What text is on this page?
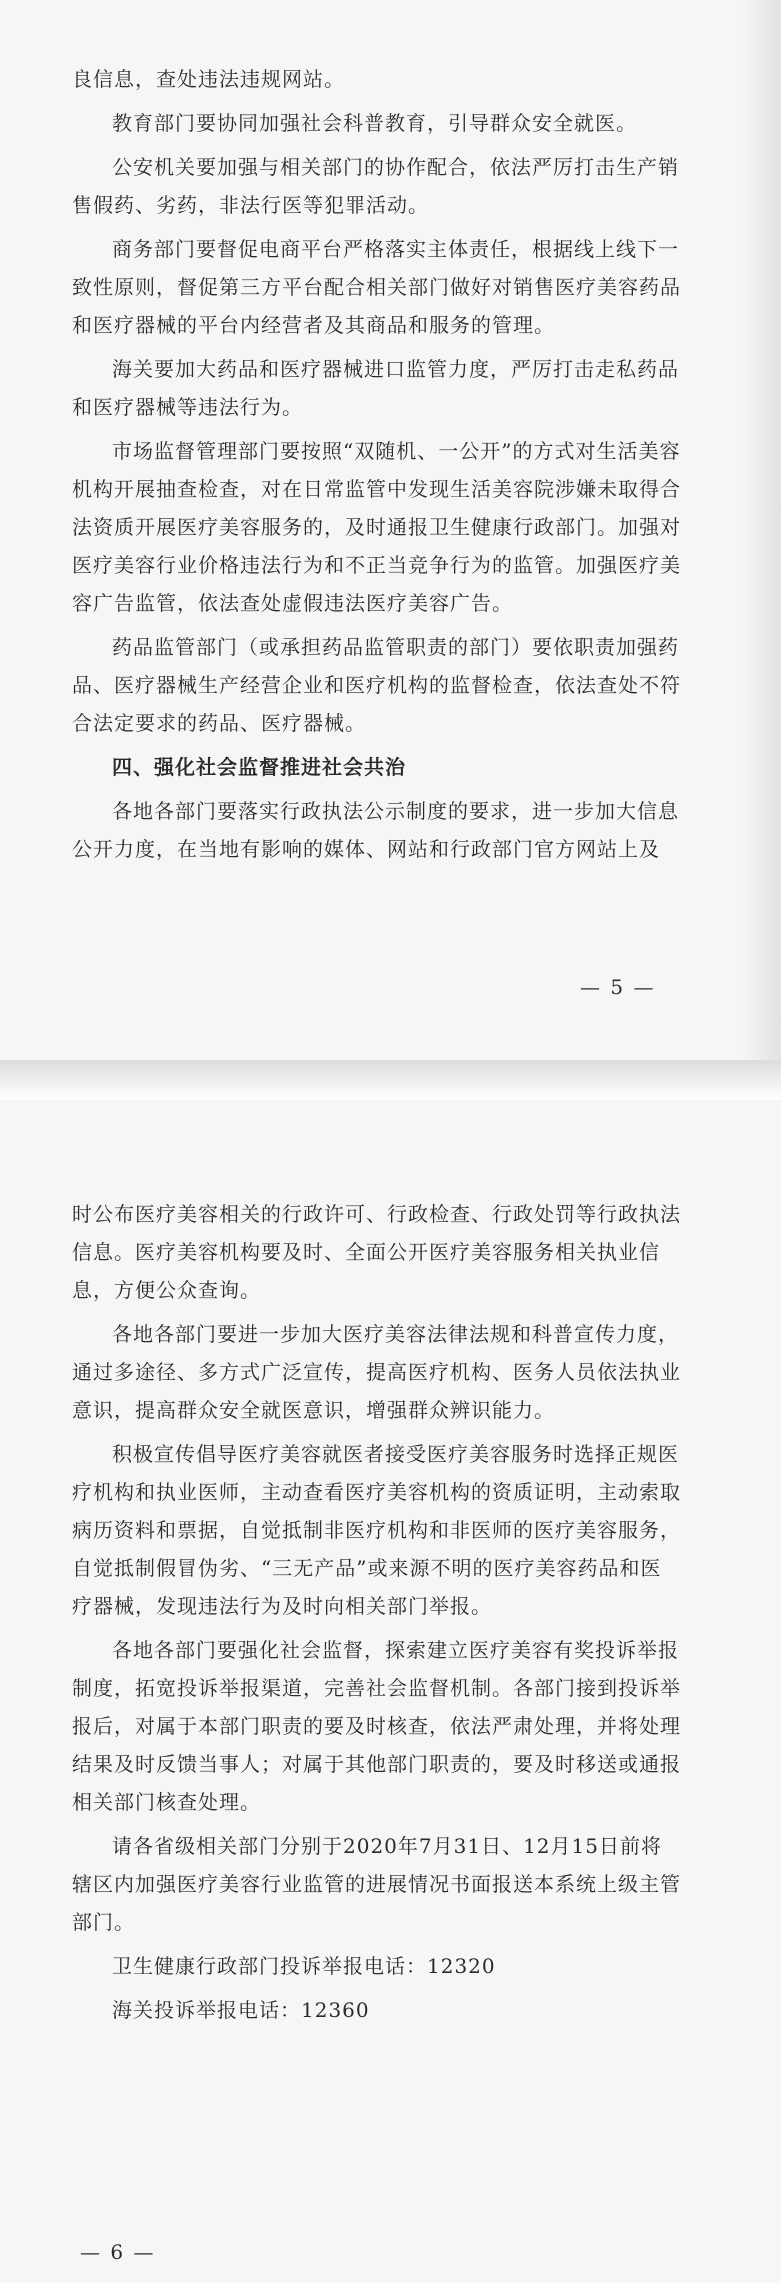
良信息，查处违法违规网站。

教育部门要协同加强社会科普教育，引导群众安全就医。

公安机关要加强与相关部门的协作配合，依法严厉打击生产销售假药、劣药，非法行医等犯罪活动。

商务部门要督促电商平台严格落实主体责任，根据线上线下一致性原则，督促第三方平台配合相关部门做好对销售医疗美容药品和医疗器械的平台内经营者及其商品和服务的管理。

海关要加大药品和医疗器械进口监管力度，严厉打击走私药品和医疗器械等违法行为。

市场监督管理部门要按照“双随机、一公开”的方式对生活美容机构开展抽查检查，对在日常监管中发现生活美容院涉嫌未取得合法资质开展医疗美容服务的，及时通报卫生健康行政部门。加强对医疗美容行业价格违法行为和不正当竞争行为的监管。加强医疗美容广告监管，依法查处虚假违法医疗美容广告。

药品监管部门（或承担药品监管职责的部门）要依职责加强药品、医疗器械生产经营企业和医疗机构的监督检查，依法查处不符合法定要求的药品、医疗器械。

四、强化社会监督推进社会共治

各地各部门要落实行政执法公示制度的要求，进一步加大信息公开力度，在当地有影响的媒体、网站和行政部门官方网站上及

— 5 —

时公布医疗美容相关的行政许可、行政检查、行政处罚等行政执法信息。医疗美容机构要及时、全面公开医疗美容服务相关执业信息，方便公众查询。

各地各部门要进一步加大医疗美容法律法规和科普宣传力度，通过多途径、多方式广泛宣传，提高医疗机构、医务人员依法执业意识，提高群众安全就医意识，增强群众辨识能力。

积极宣传倡导医疗美容就医者接受医疗美容服务时选择正规医疗机构和执业医师，主动查看医疗美容机构的资质证明，主动索取病历资料和票据，自觉抵制非医疗机构和非医师的医疗美容服务，自觉抵制假冒伪劣、“三无产品”或来源不明的医疗美容药品和医疗器械，发现违法行为及时向相关部门举报。

各地各部门要强化社会监督，探索建立医疗美容有奖投诉举报制度，拓宽投诉举报渠道，完善社会监督机制。各部门接到投诉举报后，对属于本部门职责的要及时核查，依法严肃处理，并将处理结果及时反馈当事人；对属于其他部门职责的，要及时移送或通报相关部门核查处理。

请各省级相关部门分别于2020年7月31日、12月15日前将辖区内加强医疗美容行业监管的进展情况书面报送本系统上级主管部门。

卫生健康行政部门投诉举报电话：12320

海关投诉举报电话：12360

— 6 —
